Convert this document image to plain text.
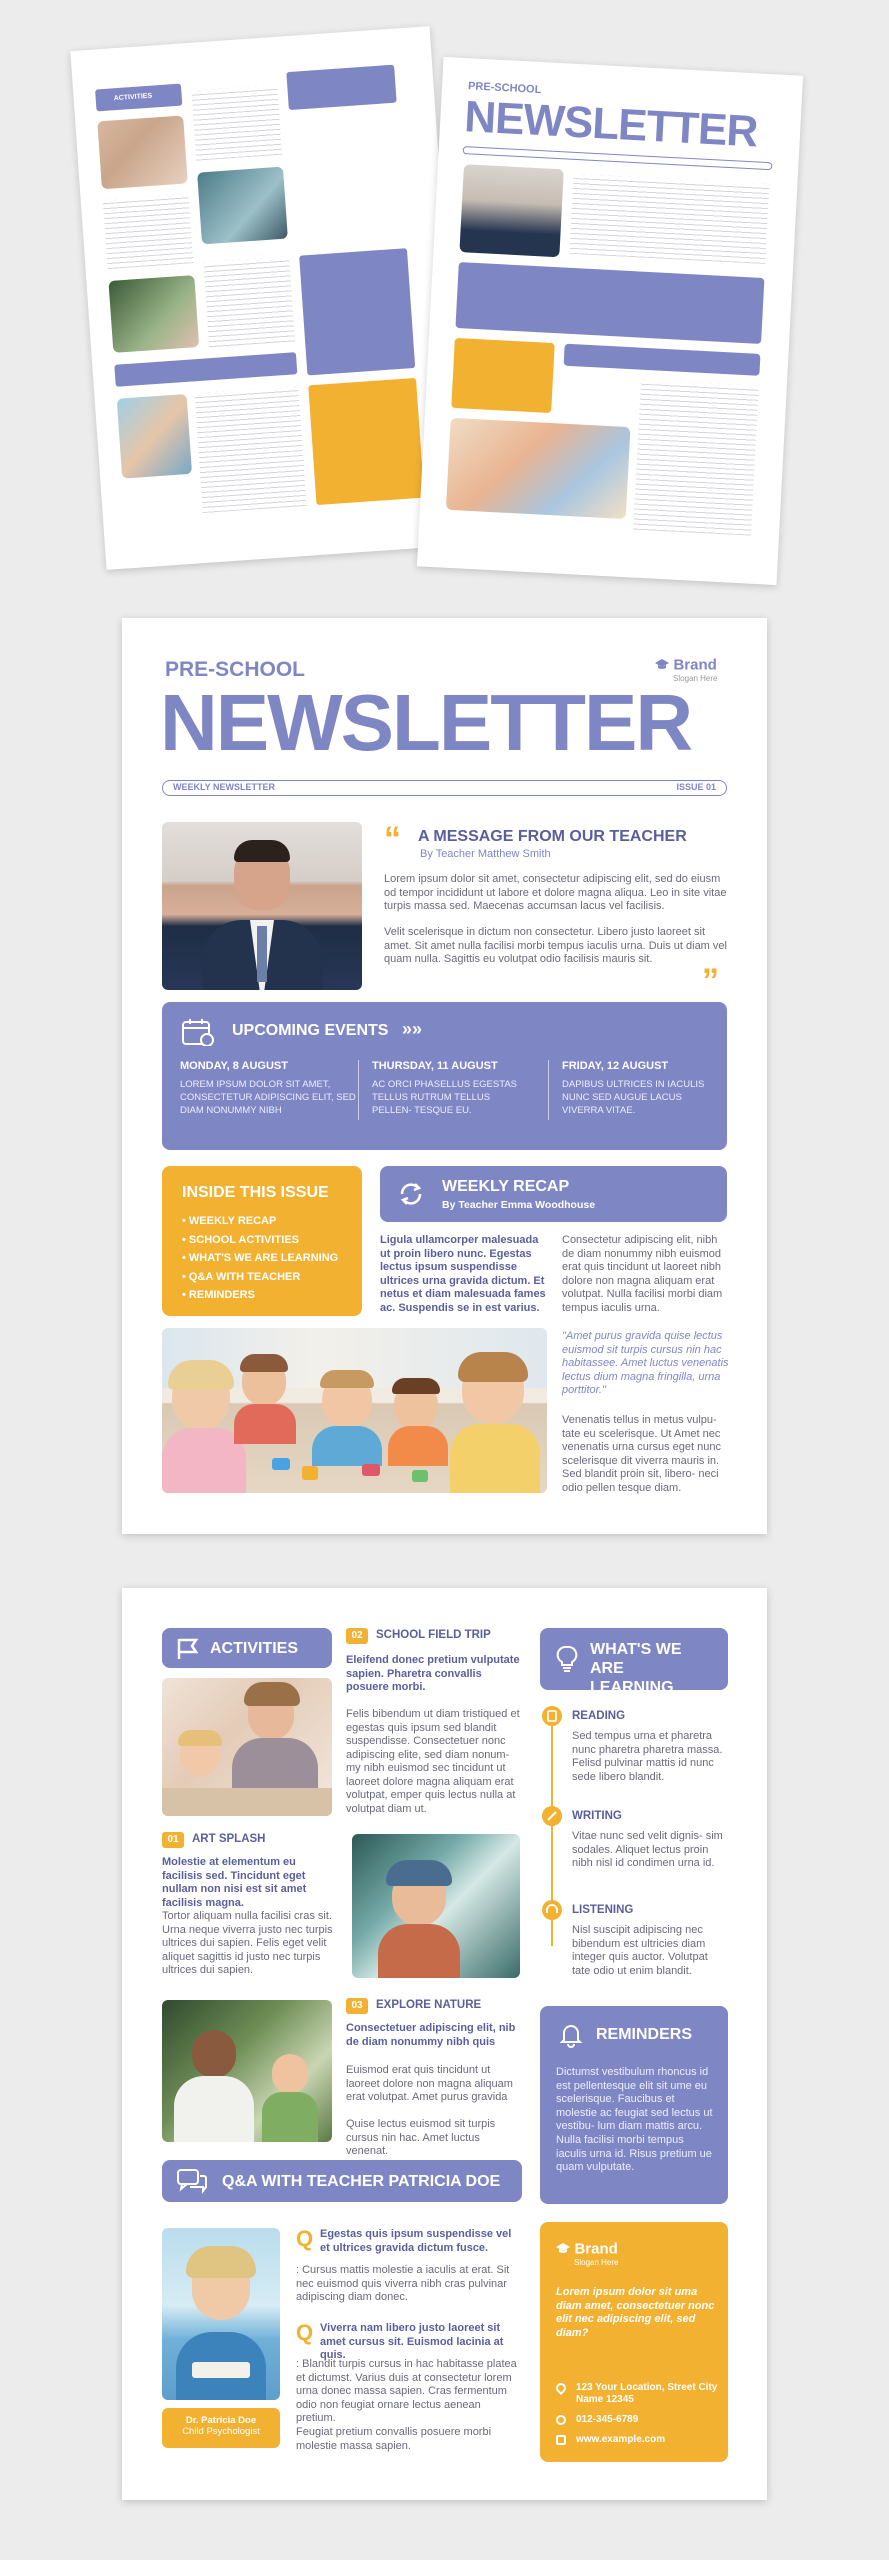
ACTIVITIES
PRE-SCHOOL
NEWSLETTER
PRE-SCHOOL	Brand
Slogan Here
NEWSLETTER
WEEKLY NEWSLETTER	ISSUE 01
“ A MESSAGE FROM OUR TEACHER
By Teacher Matthew Smith
Lorem ipsum dolor sit amet, consectetur adipiscing elit, sed do eiusm od tempor incididunt ut labore et dolore magna aliqua. Leo in site vitae turpis massa sed. Maecenas accumsan lacus vel facilisis.
Velit scelerisque in dictum non consectetur. Libero justo laoreet sit amet. Sit amet nulla facilisi morbi tempus iaculis urna. Duis ut diam vel quam nulla. Sagittis eu volutpat odio facilisis mauris sit.
”
UPCOMING EVENTS »»
MONDAY, 8 AUGUST
LOREM IPSUM DOLOR SIT AMET, CONSECTETUR ADIPISCING ELIT, SED DIAM NONUMMY NIBH
THURSDAY, 11 AUGUST
AC ORCI PHASELLUS EGESTAS TELLUS RUTRUM TELLUS PELLEN- TESQUE EU.
FRIDAY, 12 AUGUST
DAPIBUS ULTRICES IN IACULIS NUNC SED AUGUE LACUS VIVERRA VITAE.
INSIDE THIS ISSUE
• WEEKLY RECAP
• SCHOOL ACTIVITIES
• WHAT'S WE ARE LEARNING
• Q&A WITH TEACHER
• REMINDERS
WEEKLY RECAP
By Teacher Emma Woodhouse
Ligula ullamcorper malesuada ut proin libero nunc. Egestas lectus ipsum suspendisse ultrices urna gravida dictum. Et netus et diam malesuada fames ac. Suspendis se in est varius.
Consectetur adipiscing elit, nibh de diam nonummy nibh euismod erat quis tincidunt ut laoreet nibh dolore non magna aliquam erat volutpat. Nulla facilisi morbi diam tempus iaculis urna.
"Amet purus gravida quise lectus euismod sit turpis cursus nin hac habitassee. Amet luctus venenatis lectus dium magna fringilla, urna porttitor."
Venenatis tellus in metus vulpu- tate eu scelerisque. Ut Amet nec venenatis urna cursus eget nunc scelerisque dit viverra mauris in. Sed blandit proin sit, libero- neci odio pellen tesque diam.
ACTIVITIES
01	ART SPLASH
Molestie at elementum eu facilisis sed. Tincidunt eget nullam non nisi est sit amet facilisis magna.
Tortor aliquam nulla facilisi cras sit. Urna neque viverra justo nec turpis ultrices dui sapien. Felis eget velit aliquet sagittis id justo nec turpis ultrices dui sapien.
02	SCHOOL FIELD TRIP
Eleifend donec pretium vulputate sapien. Pharetra convallis posuere morbi.
Felis bibendum ut diam tristiqued et egestas quis ipsum sed blandit suspendisse. Consectetuer nonc adipiscing elite, sed diam nonum- my nibh euismod sec tincidunt ut laoreet dolore magna aliquam erat volutpat, emper quis lectus nulla at volutpat diam ut.
03	EXPLORE NATURE
Consectetuer adipiscing elit, nib de diam nonummy nibh quis
Euismod erat quis tincidunt ut laoreet dolore non magna aliquam erat volutpat. Amet purus gravida
Quise lectus euismod sit turpis cursus nin hac. Amet luctus venenat.
WHAT'S WE ARE LEARNING
READING
Sed tempus urna et pharetra nunc pharetra pharetra massa. Felisd pulvinar mattis id nunc sede libero blandit.
WRITING
Vitae nunc sed velit dignis- sim sodales. Aliquet lectus proin nibh nisl id condimen urna id.
LISTENING
Nisl suscipit adipiscing nec bibendum est ultricies diam integer quis auctor. Volutpat tate odio ut enim blandit.
REMINDERS
Dictumst vestibulum rhoncus id est pellentesque elit sit ume eu scelerisque. Faucibus et molestie ac feugiat sed lectus ut vestibu- lum diam mattis arcu.
Nulla facilisi morbi tempus iaculis urna id. Risus pretium ue quam vulputate.
Brand
Slogan Here
Lorem ipsum dolor sit uma diam amet, consectetuer nonc elit nec adipiscing elit, sed diam?
123 Your Location, Street City Name 12345
012-345-6789
www.example.com
Q&A WITH TEACHER PATRICIA DOE
Dr. Patricia Doe
Child Psychologist
Q Egestas quis ipsum suspendisse vel et ultrices gravida dictum fusce.
: Cursus mattis molestie a iaculis at erat. Sit nec euismod quis viverra nibh cras pulvinar adipiscing diam donec.
Q Viverra nam libero justo laoreet sit amet cursus sit. Euismod lacinia at quis.
: Blandit turpis cursus in hac habitasse platea et dictumst. Varius duis at consectetur lorem urna donec massa sapien. Cras fermentum odio non feugiat ornare lectus aenean pretium.
Feugiat pretium convallis posuere morbi molestie massa sapien.
